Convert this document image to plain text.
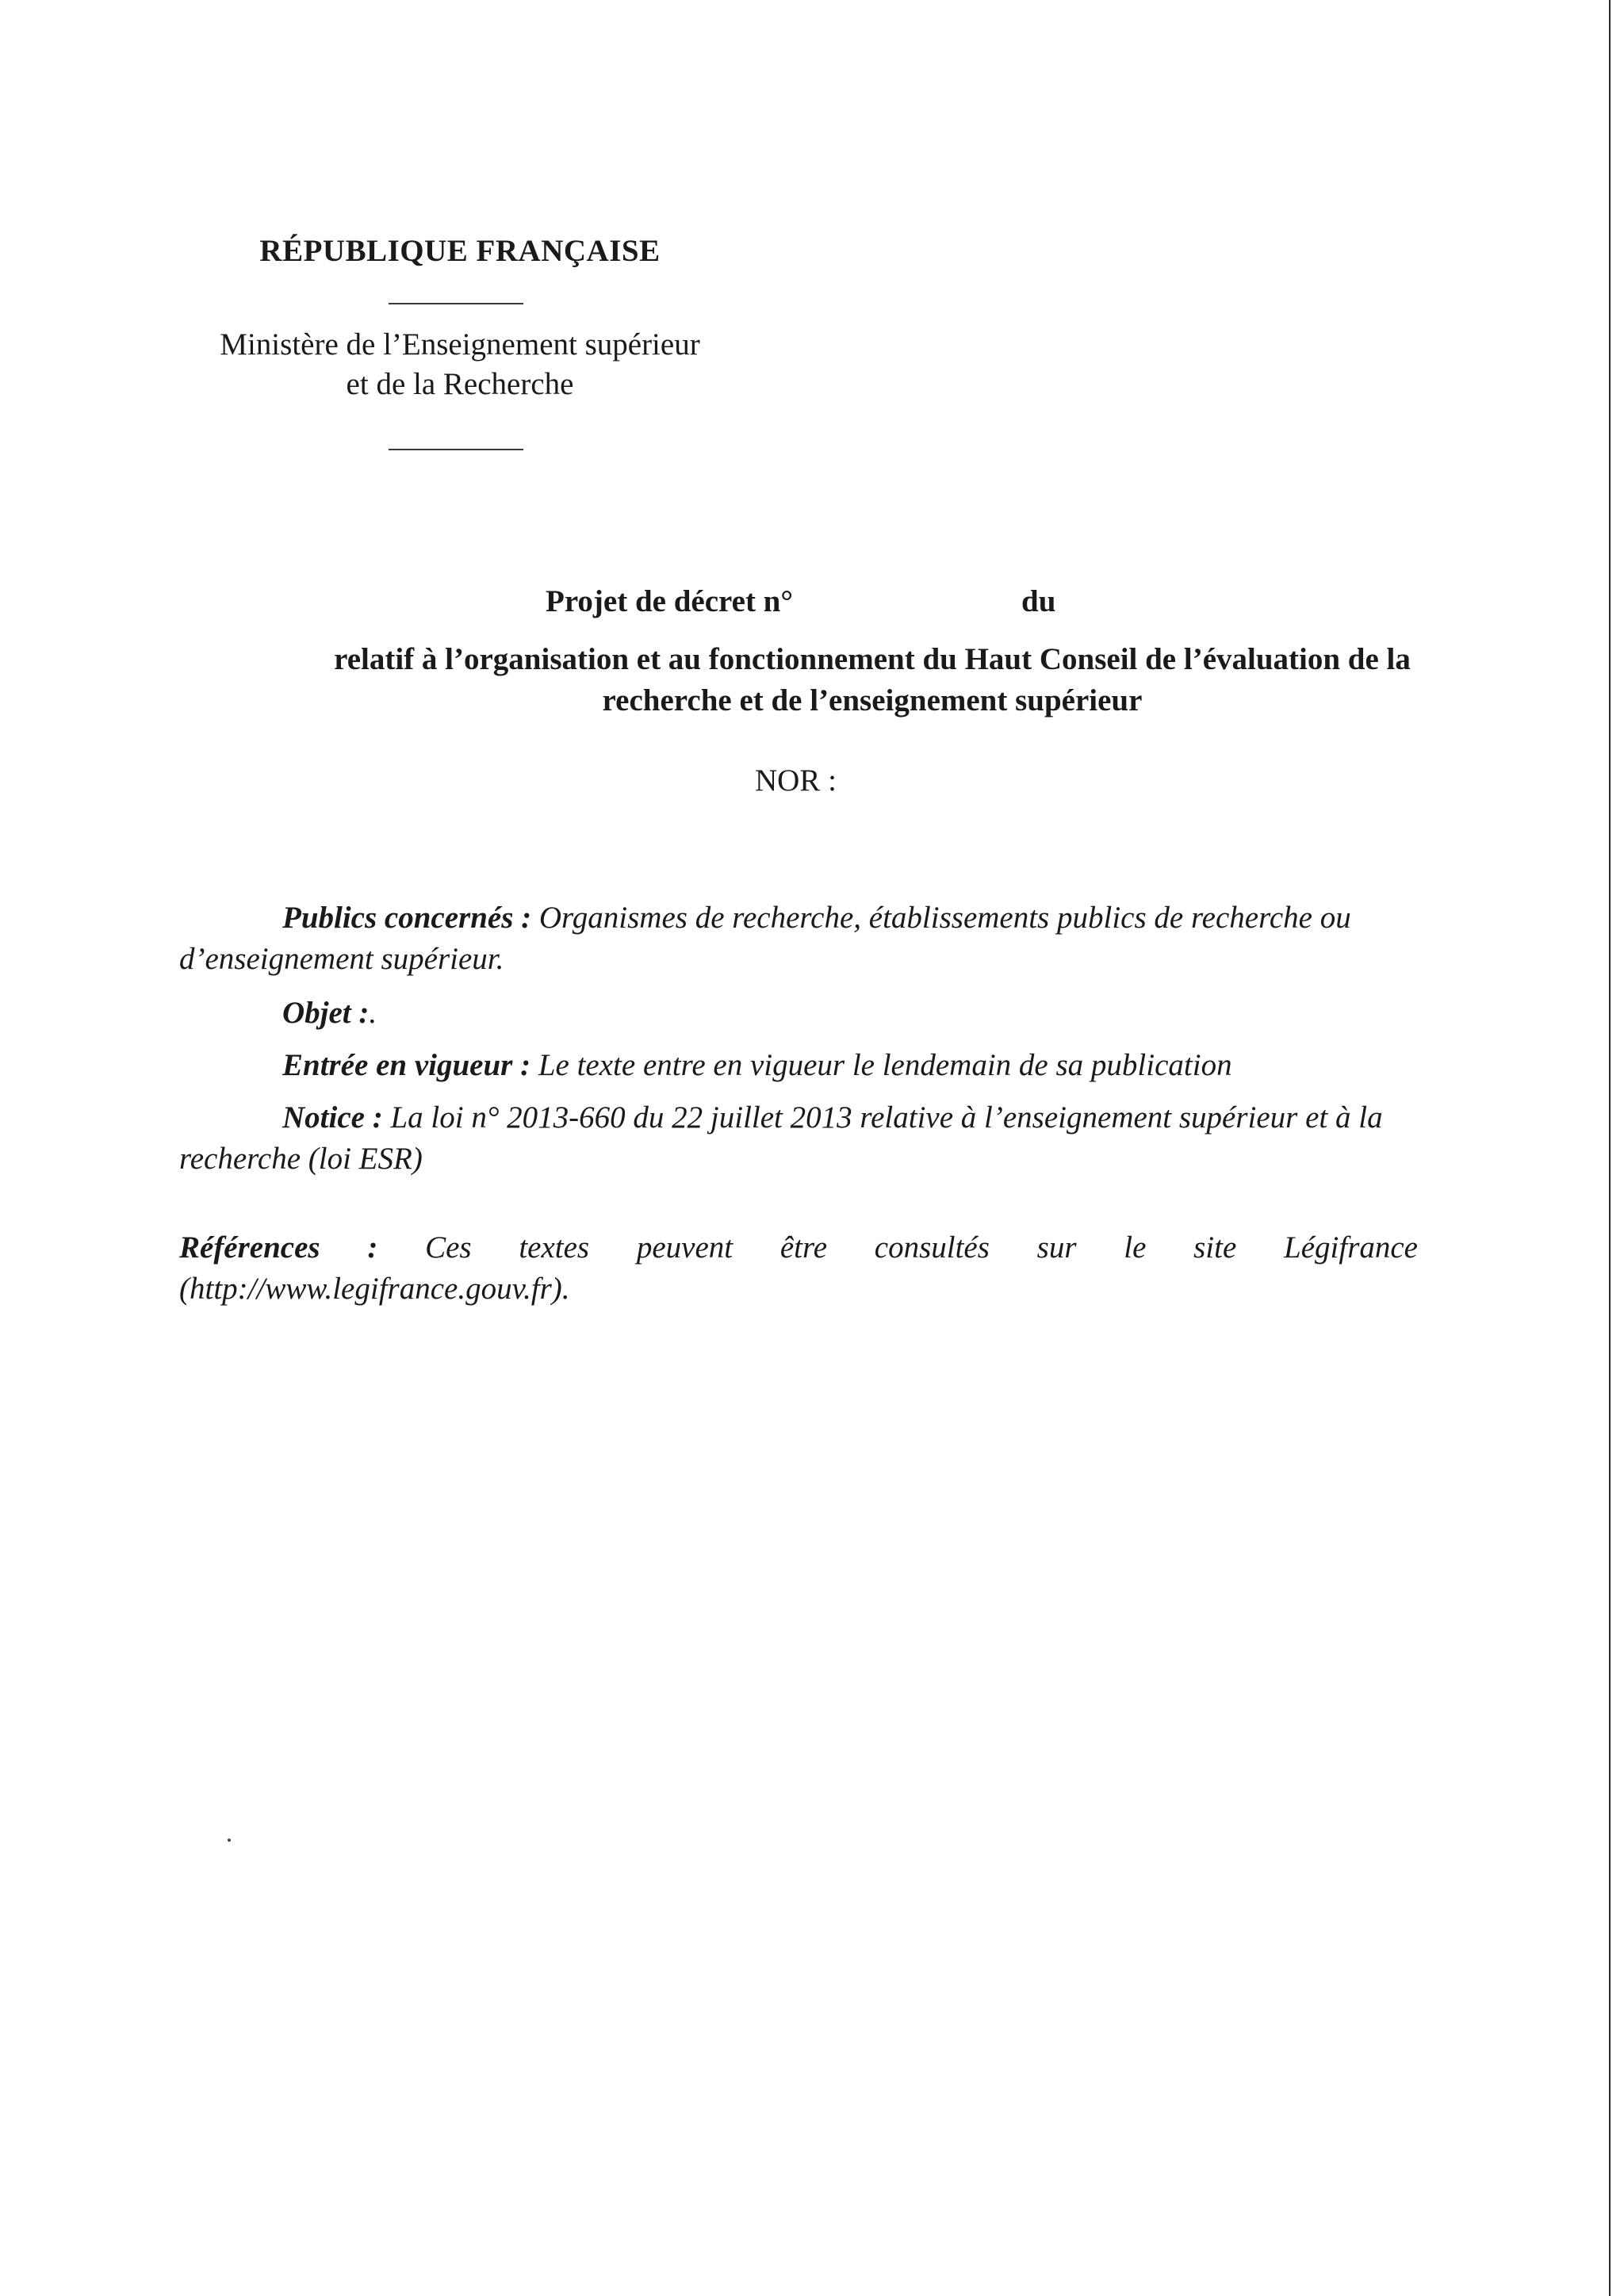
RÉPUBLIQUE FRANÇAISE
Ministère de l’Enseignement supérieur
et de la Recherche
Projet de décret n°	du
relatif à l’organisation et au fonctionnement du Haut Conseil de l’évaluation de la
recherche et de l’enseignement supérieur
NOR :
Publics concernés : Organismes de recherche, établissements publics de recherche ou d’enseignement supérieur.
Objet :.
Entrée en vigueur : Le texte entre en vigueur le lendemain de sa publication
Notice : La loi n° 2013-660 du 22 juillet 2013 relative à l’enseignement supérieur et à la recherche (loi ESR)
Références : Ces textes peuvent être consultés sur le site Légifrance (http://www.legifrance.gouv.fr).
